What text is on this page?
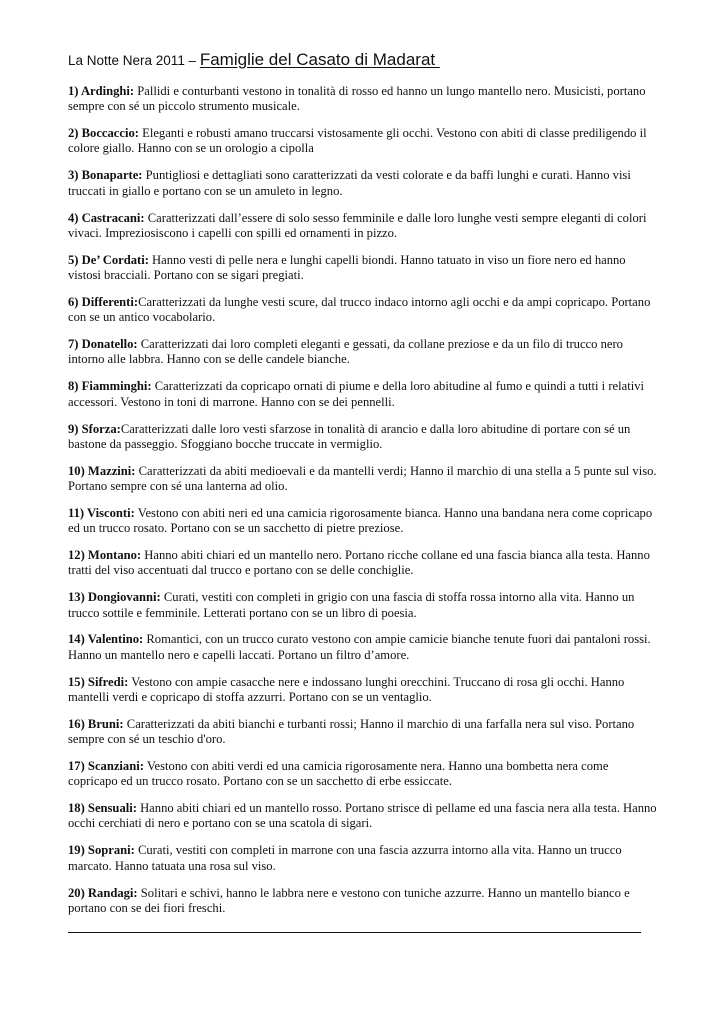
La Notte Nera 2011 – Famiglie del Casato di Madarat

1) Ardinghi: Pallidi e conturbanti vestono in tonalità di rosso ed hanno un lungo mantello nero. Musicisti, portano sempre con sé un piccolo strumento musicale.

2) Boccaccio: Eleganti e robusti amano truccarsi vistosamente gli occhi. Vestono con abiti di classe prediligendo il colore giallo. Hanno con se un orologio a cipolla

3) Bonaparte: Puntigliosi e dettagliati sono caratterizzati da vesti colorate e da baffi lunghi e curati. Hanno visi truccati in giallo e portano con se un amuleto in legno.

4) Castracani: Caratterizzati dall’essere di solo sesso femminile e dalle loro lunghe vesti sempre eleganti di colori vivaci. Impreziosiscono i capelli con spilli ed ornamenti in pizzo.

5) De’ Cordati: Hanno vesti di pelle nera e lunghi capelli biondi. Hanno tatuato in viso un fiore nero ed hanno vistosi bracciali. Portano con se sigari pregiati.

6) Differenti:Caratterizzati da lunghe vesti scure, dal trucco indaco intorno agli occhi e da ampi copricapo. Portano con se un antico vocabolario.

7) Donatello: Caratterizzati dai loro completi eleganti e gessati, da collane preziose e da un filo di trucco nero intorno alle labbra. Hanno con se delle candele bianche.

8) Fiamminghi: Caratterizzati da copricapo ornati di piume e della loro abitudine al fumo e quindi a tutti i relativi accessori. Vestono in toni di marrone. Hanno con se dei pennelli.

9) Sforza:Caratterizzati dalle loro vesti sfarzose in tonalità di arancio e dalla loro abitudine di portare con sé un bastone da passeggio. Sfoggiano bocche truccate in vermiglio.

10) Mazzini: Caratterizzati da abiti medioevali e da mantelli verdi; Hanno il marchio di una stella a 5 punte sul viso. Portano sempre con sé una lanterna ad olio.

11) Visconti: Vestono con abiti neri ed una camicia rigorosamente bianca. Hanno una bandana nera come copricapo ed un trucco rosato. Portano con se un sacchetto di pietre preziose.

12) Montano: Hanno abiti chiari ed un mantello nero. Portano ricche collane ed una fascia bianca alla testa. Hanno tratti del viso accentuati dal trucco e portano con se delle conchiglie.

13) Dongiovanni: Curati, vestiti con completi in grigio con una fascia di stoffa rossa intorno alla vita. Hanno un trucco sottile e femminile. Letterati portano con se un libro di poesia.

14) Valentino: Romantici, con un trucco curato vestono con ampie camicie bianche tenute fuori dai pantaloni rossi. Hanno un mantello nero e capelli laccati. Portano un filtro d’amore.

15) Sifredi: Vestono con ampie casacche nere e indossano lunghi orecchini. Truccano di rosa gli occhi. Hanno mantelli verdi e copricapo di stoffa azzurri. Portano con se un ventaglio.

16) Bruni: Caratterizzati da abiti bianchi e turbanti rossi; Hanno il marchio di una farfalla nera sul viso. Portano sempre con sé un teschio d'oro.

17) Scanziani: Vestono con abiti verdi ed una camicia rigorosamente nera. Hanno una bombetta nera come copricapo ed un trucco rosato. Portano con se un sacchetto di erbe essiccate.

18) Sensuali: Hanno abiti chiari ed un mantello rosso. Portano strisce di pellame ed una fascia nera alla testa. Hanno occhi cerchiati di nero e portano con se una scatola di sigari.

19) Soprani: Curati, vestiti con completi in marrone con una fascia azzurra intorno alla vita. Hanno un trucco marcato. Hanno tatuata una rosa sul viso.

20) Randagi: Solitari e schivi, hanno le labbra nere e vestono con tuniche azzurre. Hanno un mantello bianco e portano con se dei fiori freschi.
